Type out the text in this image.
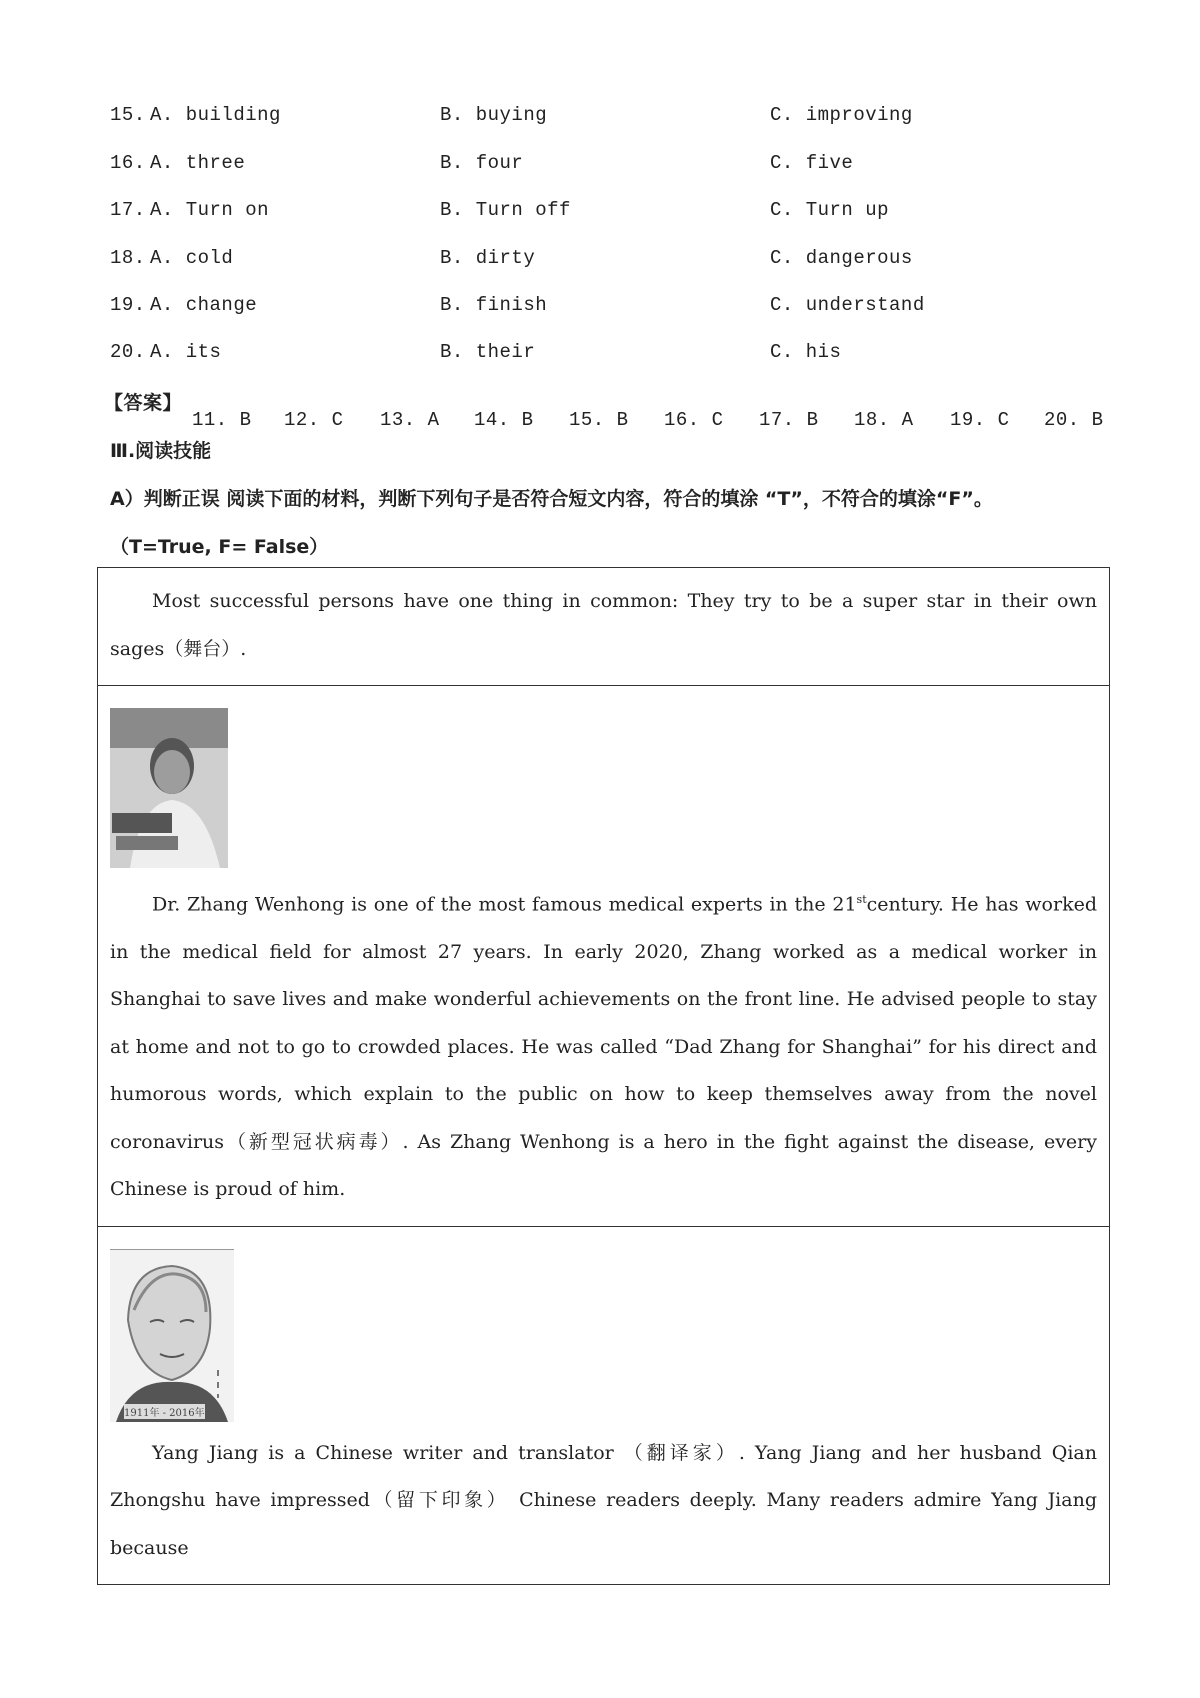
15. A. building	B. buying	C. improving
16. A. three	B. four	C. five
17. A. Turn on	B. Turn off	C. Turn up
18. A. cold	B. dirty	C. dangerous
19. A. change	B. finish	C. understand
20. A. its	B. their	C. his
【答案】
11. B 12. C 13. A 14. B 15. B 16. C 17. B 18. A 19. C 20. B
Ⅲ.阅读技能
A）判断正误 阅读下面的材料，判断下列句子是否符合短文内容，符合的填涂 “T”，不符合的填涂“F”。
（T=True, F= False）

Most successful persons have one thing in common: They try to be a super star in their own sages（舞台）.

Dr. Zhang Wenhong is one of the most famous medical experts in the 21stcentury. He has worked in the medical field for almost 27 years. In early 2020, Zhang worked as a medical worker in Shanghai to save lives and make wonderful achievements on the front line. He advised people to stay at home and not to go to crowded places. He was called “Dad Zhang for Shanghai” for his direct and humorous words, which explain to the public on how to keep themselves away from the novel coronavirus（新型冠状病毒）. As Zhang Wenhong is a hero in the fight against the disease, every Chinese is proud of him.

1911年 - 2016年

Yang Jiang is a Chinese writer and translator （翻译家）. Yang Jiang and her husband Qian Zhongshu have impressed（留下印象） Chinese readers deeply. Many readers admire Yang Jiang because
